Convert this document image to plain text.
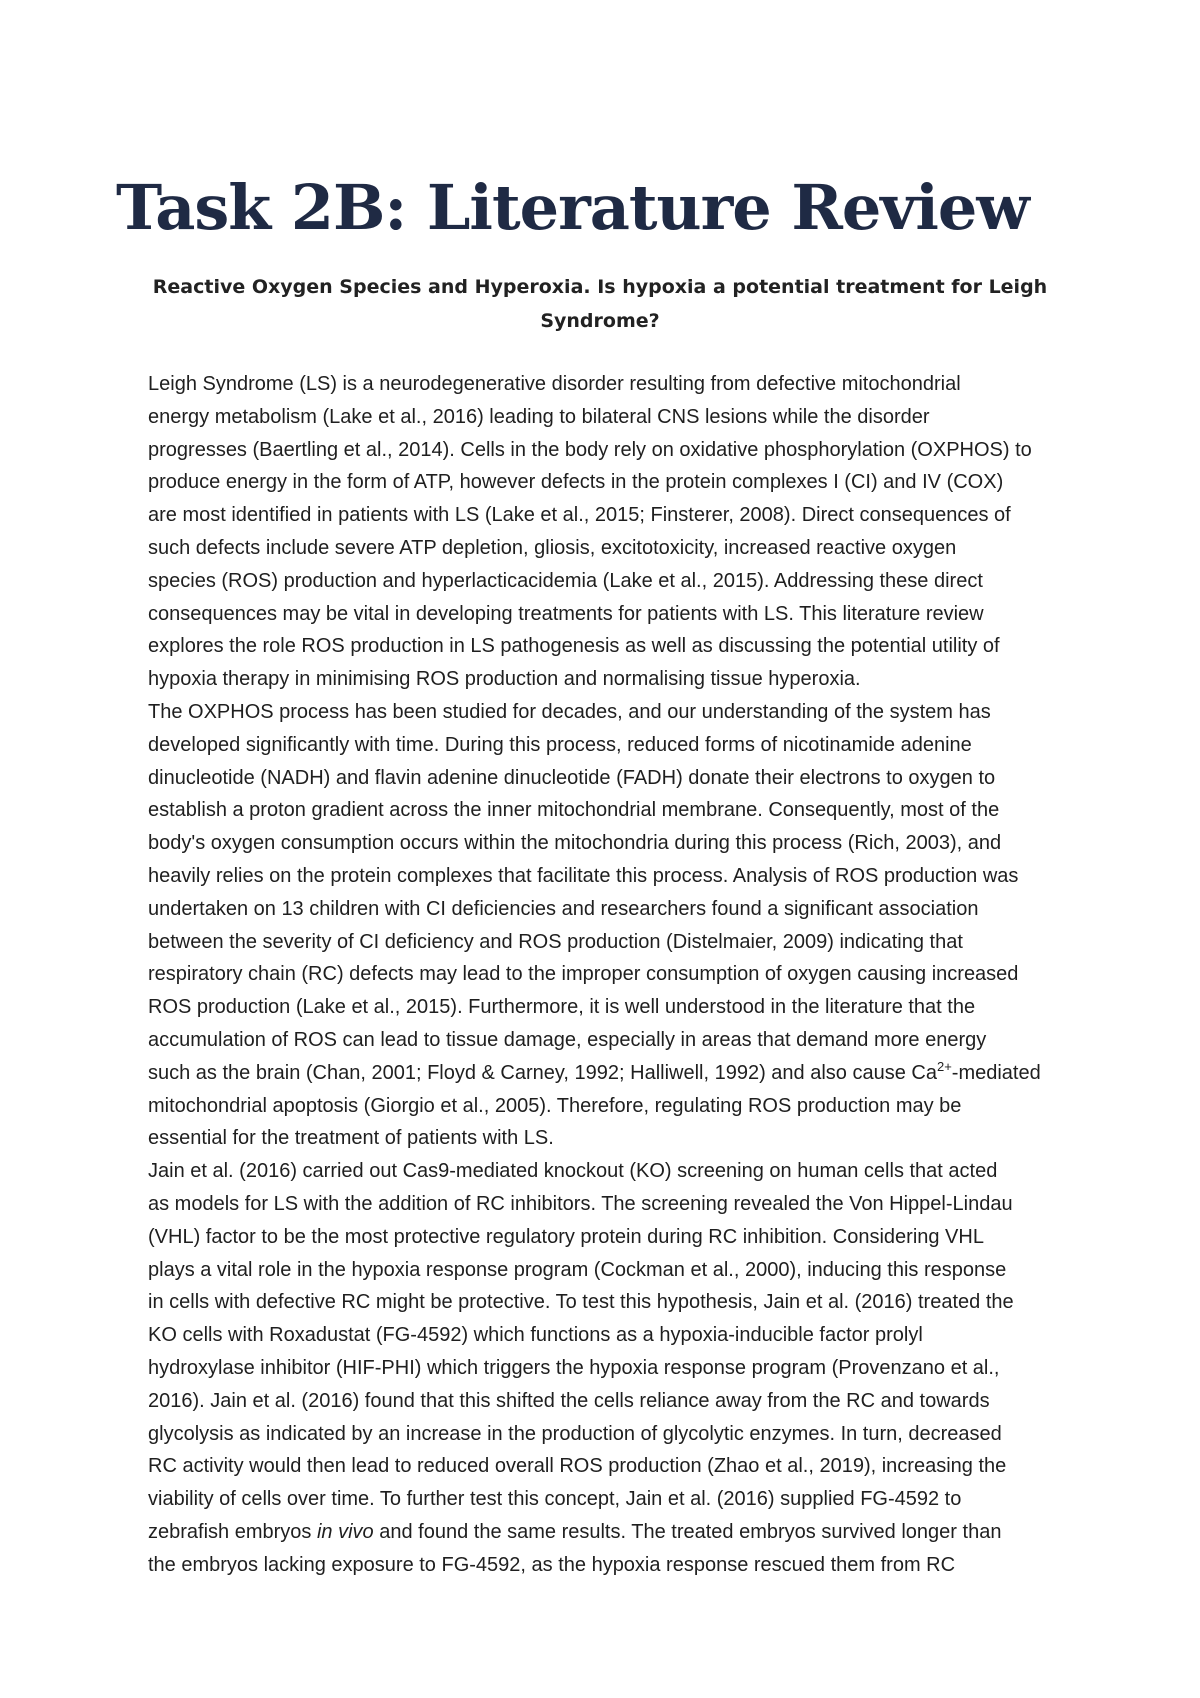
Task 2B: Literature Review
Reactive Oxygen Species and Hyperoxia. Is hypoxia a potential treatment for Leigh
Syndrome?

Leigh Syndrome (LS) is a neurodegenerative disorder resulting from defective mitochondrial
energy metabolism (Lake et al., 2016) leading to bilateral CNS lesions while the disorder
progresses (Baertling et al., 2014). Cells in the body rely on oxidative phosphorylation (OXPHOS) to
produce energy in the form of ATP, however defects in the protein complexes I (CI) and IV (COX)
are most identified in patients with LS (Lake et al., 2015; Finsterer, 2008). Direct consequences of
such defects include severe ATP depletion, gliosis, excitotoxicity, increased reactive oxygen
species (ROS) production and hyperlacticacidemia (Lake et al., 2015). Addressing these direct
consequences may be vital in developing treatments for patients with LS. This literature review
explores the role ROS production in LS pathogenesis as well as discussing the potential utility of
hypoxia therapy in minimising ROS production and normalising tissue hyperoxia.

The OXPHOS process has been studied for decades, and our understanding of the system has
developed significantly with time. During this process, reduced forms of nicotinamide adenine
dinucleotide (NADH) and flavin adenine dinucleotide (FADH) donate their electrons to oxygen to
establish a proton gradient across the inner mitochondrial membrane. Consequently, most of the
body's oxygen consumption occurs within the mitochondria during this process (Rich, 2003), and
heavily relies on the protein complexes that facilitate this process. Analysis of ROS production was
undertaken on 13 children with CI deficiencies and researchers found a significant association
between the severity of CI deficiency and ROS production (Distelmaier, 2009) indicating that
respiratory chain (RC) defects may lead to the improper consumption of oxygen causing increased
ROS production (Lake et al., 2015). Furthermore, it is well understood in the literature that the
accumulation of ROS can lead to tissue damage, especially in areas that demand more energy
such as the brain (Chan, 2001; Floyd & Carney, 1992; Halliwell, 1992) and also cause $Ca^{2+}$-mediated
mitochondrial apoptosis (Giorgio et al., 2005). Therefore, regulating ROS production may be
essential for the treatment of patients with LS.

Jain et al. (2016) carried out Cas9-mediated knockout (KO) screening on human cells that acted
as models for LS with the addition of RC inhibitors. The screening revealed the Von Hippel-Lindau
(VHL) factor to be the most protective regulatory protein during RC inhibition. Considering VHL
plays a vital role in the hypoxia response program (Cockman et al., 2000), inducing this response
in cells with defective RC might be protective. To test this hypothesis, Jain et al. (2016) treated the
KO cells with Roxadustat (FG-4592) which functions as a hypoxia-inducible factor prolyl
hydroxylase inhibitor (HIF-PHI) which triggers the hypoxia response program (Provenzano et al.,
2016). Jain et al. (2016) found that this shifted the cells reliance away from the RC and towards
glycolysis as indicated by an increase in the production of glycolytic enzymes. In turn, decreased
RC activity would then lead to reduced overall ROS production (Zhao et al., 2019), increasing the
viability of cells over time. To further test this concept, Jain et al. (2016) supplied FG-4592 to
zebrafish embryos in vivo and found the same results. The treated embryos survived longer than
the embryos lacking exposure to FG-4592, as the hypoxia response rescued them from RC
